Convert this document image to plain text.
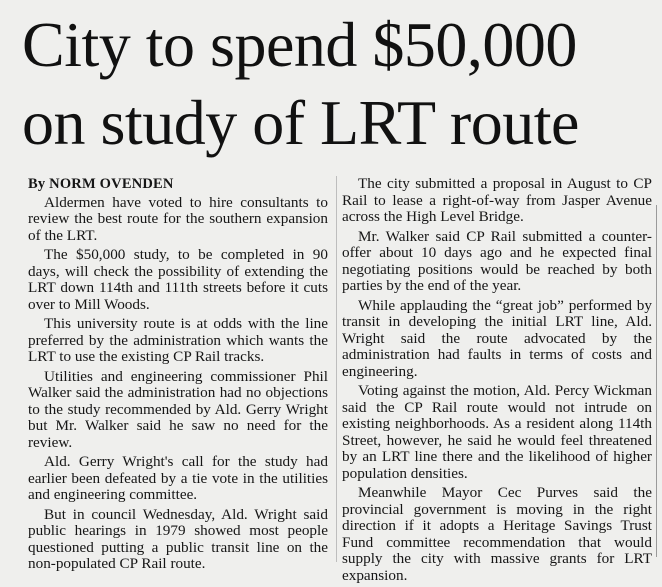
City to spend $50,000
on study of LRT route
By NORM OVENDEN

Aldermen have voted to hire consultants to review the best route for the southern expansion of the LRT.

The $50,000 study, to be completed in 90 days, will check the possibility of extending the LRT down 114th and 111th streets before it cuts over to Mill Woods.

This university route is at odds with the line preferred by the administration which wants the LRT to use the existing CP Rail tracks.

Utilities and engineering commissioner Phil Walker said the administration had no objections to the study recommended by Ald. Gerry Wright but Mr. Walker said he saw no need for the review.

Ald. Gerry Wright's call for the study had earlier been defeated by a tie vote in the utilities and engineering committee.

But in council Wednesday, Ald. Wright said public hearings in 1979 showed most people questioned putting a public transit line on the non-populated CP Rail route.

The city submitted a proposal in August to CP Rail to lease a right-of-way from Jasper Avenue across the High Level Bridge.

Mr. Walker said CP Rail submitted a counter-offer about 10 days ago and he expected final negotiating positions would be reached by both parties by the end of the year.

While applauding the “great job” performed by transit in developing the initial LRT line, Ald. Wright said the route advocated by the administration had faults in terms of costs and engineering.

Voting against the motion, Ald. Percy Wickman said the CP Rail route would not intrude on existing neighborhoods. As a resident along 114th Street, however, he said he would feel threatened by an LRT line there and the likelihood of higher population densities.

Meanwhile Mayor Cec Purves said the provincial government is moving in the right direction if it adopts a Heritage Savings Trust Fund committee recommendation that would supply the city with massive grants for LRT expansion.
